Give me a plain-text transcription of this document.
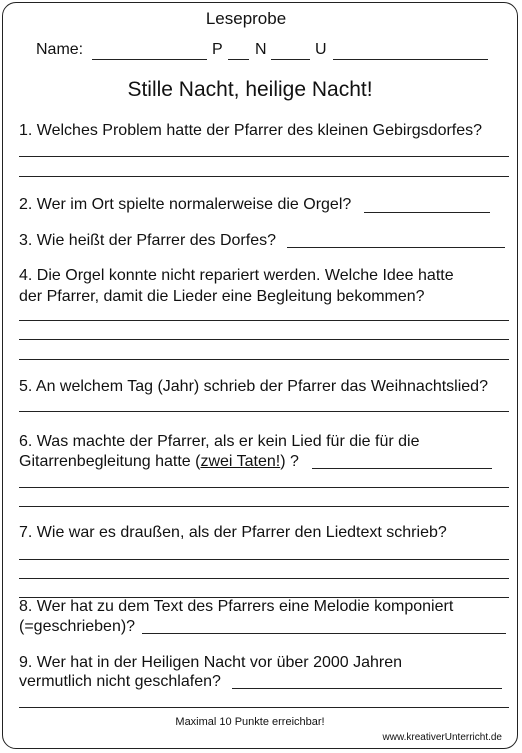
Leseprobe
Name:	P N	U
Stille Nacht, heilige Nacht!
1. Welches Problem hatte der Pfarrer des kleinen Gebirgsdorfes?
2. Wer im Ort spielte normalerweise die Orgel?
3. Wie heißt der Pfarrer des Dorfes?
4. Die Orgel konnte nicht repariert werden. Welche Idee hatte
der Pfarrer, damit die Lieder eine Begleitung bekommen?
5. An welchem Tag (Jahr) schrieb der Pfarrer das Weihnachtslied?
6. Was machte der Pfarrer, als er kein Lied für die für die
Gitarrenbegleitung hatte (zwei Taten!) ?
7. Wie war es draußen, als der Pfarrer den Liedtext schrieb?
8. Wer hat zu dem Text des Pfarrers eine Melodie komponiert
(=geschrieben)?
9. Wer hat in der Heiligen Nacht vor über 2000 Jahren
vermutlich nicht geschlafen?
Maximal 10 Punkte erreichbar!
www.kreativerUnterricht.de
